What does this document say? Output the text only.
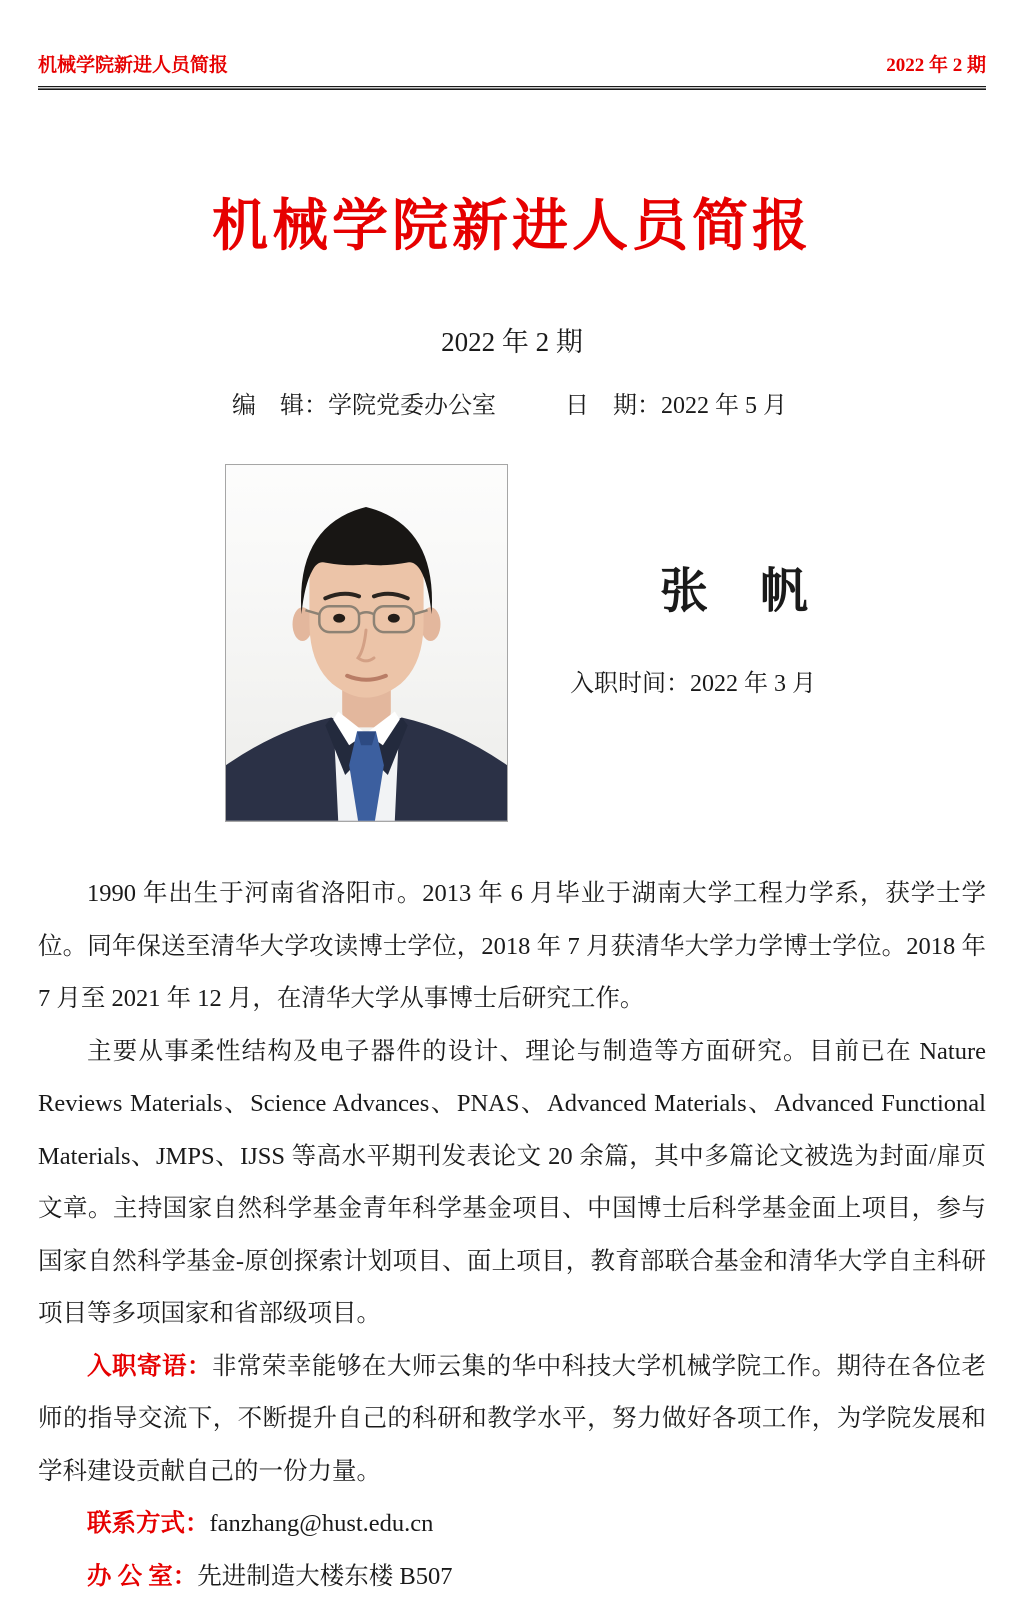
机械学院新进人员简报	2022 年 2 期
机械学院新进人员简报
2022 年 2 期
编　辑：学院党委办公室	日　期：2022 年 5 月
张　帆
入职时间：2022 年 3 月

1990 年出生于河南省洛阳市。2013 年 6 月毕业于湖南大学工程力学系，获学士学位。同年保送至清华大学攻读博士学位，2018 年 7 月获清华大学力学博士学位。2018 年 7 月至 2021 年 12 月，在清华大学从事博士后研究工作。

主要从事柔性结构及电子器件的设计、理论与制造等方面研究。目前已在 Nature Reviews Materials、Science Advances、PNAS、Advanced Materials、Advanced Functional Materials、JMPS、IJSS 等高水平期刊发表论文 20 余篇，其中多篇论文被选为封面/扉页文章。主持国家自然科学基金青年科学基金项目、中国博士后科学基金面上项目，参与国家自然科学基金-原创探索计划项目、面上项目，教育部联合基金和清华大学自主科研项目等多项国家和省部级项目。

入职寄语：非常荣幸能够在大师云集的华中科技大学机械学院工作。期待在各位老师的指导交流下，不断提升自己的科研和教学水平，努力做好各项工作，为学院发展和学科建设贡献自己的一份力量。

联系方式：fanzhang@hust.edu.cn

办 公 室：先进制造大楼东楼 B507
